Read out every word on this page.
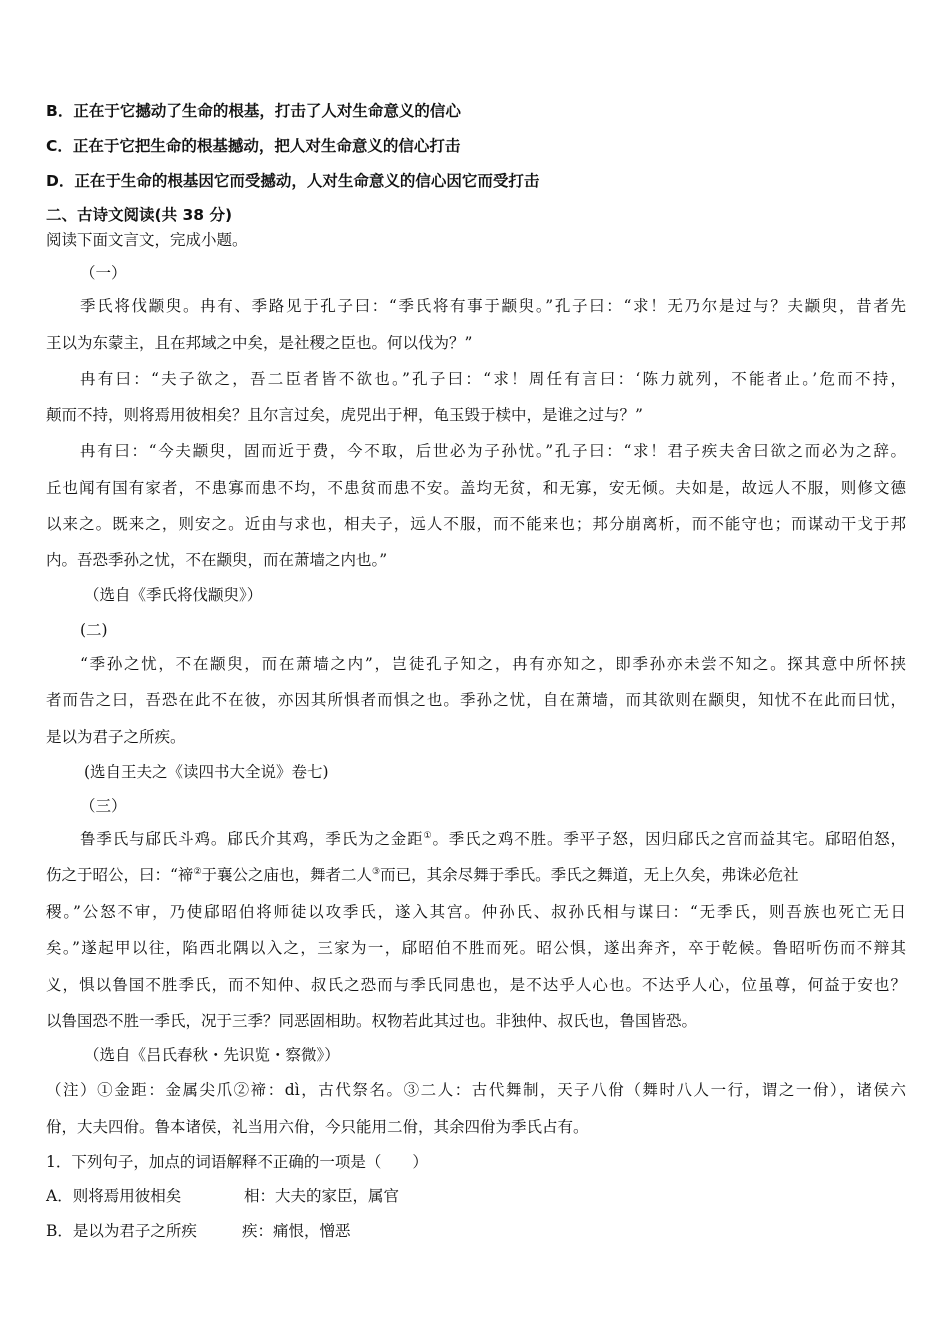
B．正在于它撼动了生命的根基，打击了人对生命意义的信心
C．正在于它把生命的根基撼动，把人对生命意义的信心打击
D．正在于生命的根基因它而受撼动，人对生命意义的信心因它而受打击
二、古诗文阅读(共 38 分)
阅读下面文言文，完成小题。
（一）
季氏将伐颛臾。冉有、季路见于孔子曰：“季氏将有事于颛臾。”孔子曰：“求！无乃尔是过与？夫颛臾，昔者先
王以为东蒙主，且在邦域之中矣，是社稷之臣也。何以伐为？”
冉有曰：“夫子欲之，吾二臣者皆不欲也。”孔子曰：“求！周任有言曰：‘陈力就列，不能者止。’危而不持，
颠而不持，则将焉用彼相矣？且尔言过矣，虎兕出于柙，龟玉毁于椟中，是谁之过与？”
冉有曰：“今夫颛臾，固而近于费，今不取，后世必为子孙忧。”孔子曰：“求！君子疾夫舍曰欲之而必为之辞。
丘也闻有国有家者，不患寡而患不均，不患贫而患不安。盖均无贫，和无寡，安无倾。夫如是，故远人不服，则修文德
以来之。既来之，则安之。近由与求也，相夫子，远人不服，而不能来也；邦分崩离析，而不能守也；而谋动干戈于邦
内。吾恐季孙之忧，不在颛臾，而在萧墙之内也。”
（选自《季氏将伐颛臾》）
(二)
“季孙之忧，不在颛臾，而在萧墙之内”，岂徒孔子知之，冉有亦知之，即季孙亦未尝不知之。探其意中所怀挟
者而告之曰，吾恐在此不在彼，亦因其所惧者而惧之也。季孙之忧，自在萧墙，而其欲则在颛臾，知忧不在此而曰忧，
是以为君子之所疾。
(选自王夫之《读四书大全说》卷七)
（三）
鲁季氏与郈氏斗鸡。郈氏介其鸡，季氏为之金距①。季氏之鸡不胜。季平子怒，因归郈氏之宫而益其宅。郈昭伯怒，
伤之于昭公，曰：“禘②于襄公之庙也，舞者二人③而已，其余尽舞于季氏。季氏之舞道，无上久矣，弗诛必危社
稷。”公怒不审，乃使郈昭伯将师徒以攻季氏，遂入其宫。仲孙氏、叔孙氏相与谋曰：“无季氏，则吾族也死亡无日
矣。”遂起甲以往，陷西北隅以入之，三家为一，郈昭伯不胜而死。昭公惧，遂出奔齐，卒于乾候。鲁昭听伤而不辩其
义，惧以鲁国不胜季氏，而不知仲、叔氏之恐而与季氏同患也，是不达乎人心也。不达乎人心，位虽尊，何益于安也？
以鲁国恐不胜一季氏，况于三季？同恶固相助。权物若此其过也。非独仲、叔氏也，鲁国皆恐。
（选自《吕氏春秋・先识览・察微》）
（注）①金距：金属尖爪②禘：dì，古代祭名。③二人：古代舞制，天子八佾（舞时八人一行，谓之一佾），诸侯六
佾，大夫四佾。鲁本诸侯，礼当用六佾，今只能用二佾，其余四佾为季氏占有。
1．下列句子，加点的词语解释不正确的一项是（　　）
A．则将焉用彼相矣	相：大夫的家臣，属官
B．是以为君子之所疾	疾：痛恨，憎恶
